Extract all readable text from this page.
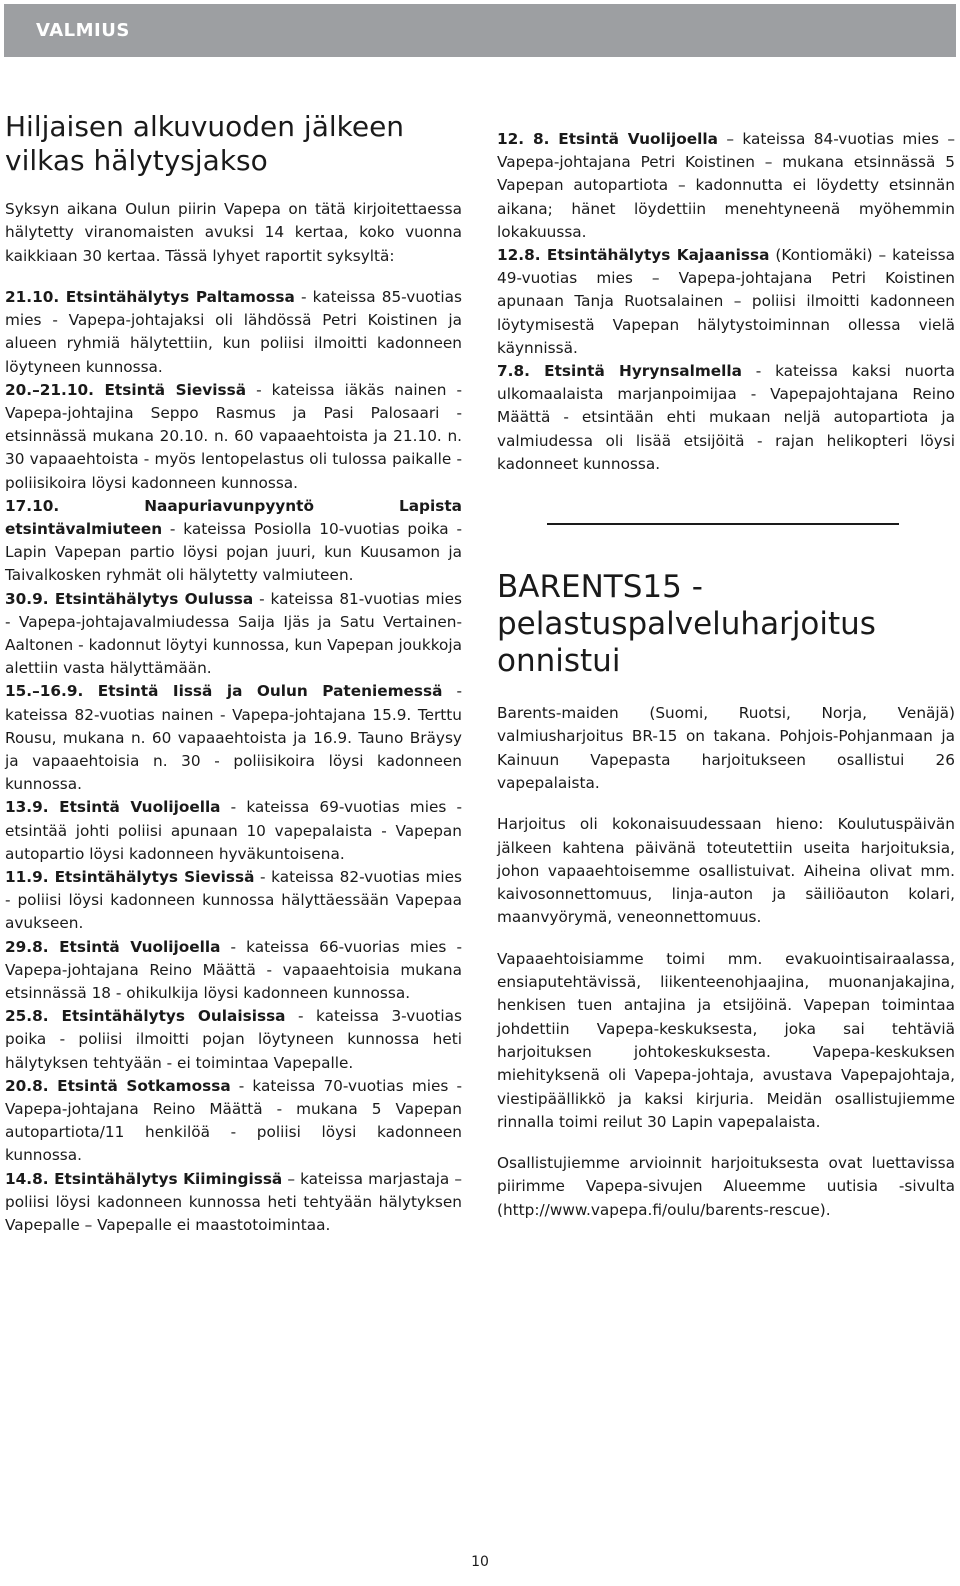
VALMIUS
Hiljaisen alkuvuoden jälkeen vilkas hälytysjakso

Syksyn aikana Oulun piirin Vapepa on tätä kirjoitettaessa hälytetty viranomaisten avuksi 14 kertaa, koko vuonna kaikkiaan 30 kertaa. Tässä lyhyet raportit syksyltä:

21.10. Etsintähälytys Paltamossa - kateissa 85-vuotias mies - Vapepa-johtajaksi oli lähdössä Petri Koistinen ja alueen ryhmiä hälytettiin, kun poliisi ilmoitti kadonneen löytyneen kunnossa.

20.–21.10. Etsintä Sievissä - kateissa iäkäs nainen - Vapepa-johtajina Seppo Rasmus ja Pasi Palosaari - etsinnässä mukana 20.10. n. 60 vapaaehtoista ja 21.10. n. 30 vapaaehtoista - myös lentopelastus oli tulossa paikalle - poliisikoira löysi kadonneen kunnossa.

17.10. Naapuriavunpyyntö Lapista etsintävalmiuteen - kateissa Posiolla 10-vuotias poika - Lapin Vapepan partio löysi pojan juuri, kun Kuusamon ja Taivalkosken ryhmät oli hälytetty valmiuteen.

30.9. Etsintähälytys Oulussa - kateissa 81-vuotias mies - Vapepa-johtajavalmiudessa Saija Ijäs ja Satu Vertainen-Aaltonen - kadonnut löytyi kunnossa, kun Vapepan joukkoja alettiin vasta hälyttämään.

15.–16.9. Etsintä Iissä ja Oulun Pateniemessä - kateissa 82-vuotias nainen - Vapepa-johtajana 15.9. Terttu Rousu, mukana n. 60 vapaaehtoista ja 16.9. Tauno Bräysy ja vapaaehtoisia n. 30 - poliisikoira löysi kadonneen kunnossa.

13.9. Etsintä Vuolijoella - kateissa 69-vuotias mies - etsintää johti poliisi apunaan 10 vapepalaista - Vapepan autopartio löysi kadonneen hyväkuntoisena.

11.9. Etsintähälytys Sievissä - kateissa 82-vuotias mies - poliisi löysi kadonneen kunnossa hälyttäessään Vapepaa avukseen.

29.8. Etsintä Vuolijoella - kateissa 66-vuorias mies - Vapepa-johtajana Reino Määttä - vapaaehtoisia mukana etsinnässä 18 - ohikulkija löysi kadonneen kunnossa.

25.8. Etsintähälytys Oulaisissa - kateissa 3-vuotias poika - poliisi ilmoitti pojan löytyneen kunnossa heti hälytyksen tehtyään - ei toimintaa Vapepalle.

20.8. Etsintä Sotkamossa - kateissa 70-vuotias mies - Vapepa-johtajana Reino Määttä - mukana 5 Vapepan autopartiota/11 henkilöä - poliisi löysi kadonneen kunnossa.

14.8. Etsintähälytys Kiimingissä – kateissa marjastaja – poliisi löysi kadonneen kunnossa heti tehtyään hälytyksen Vapepalle – Vapepalle ei maastotoimintaa.

12. 8. Etsintä Vuolijoella – kateissa 84-vuotias mies – Vapepa-johtajana Petri Koistinen – mukana etsinnässä 5 Vapepan autopartiota – kadonnutta ei löydetty etsinnän aikana; hänet löydettiin menehtyneenä myöhemmin lokakuussa.

12.8. Etsintähälytys Kajaanissa (Kontiomäki) – kateissa 49-vuotias mies – Vapepa-johtajana Petri Koistinen apunaan Tanja Ruotsalainen – poliisi ilmoitti kadonneen löytymisestä Vapepan hälytystoiminnan ollessa vielä käynnissä.

7.8. Etsintä Hyrynsalmella - kateissa kaksi nuorta ulkomaalaista marjanpoimijaa - Vapepajohtajana Reino Määttä - etsintään ehti mukaan neljä autopartiota ja valmiudessa oli lisää etsijöitä - rajan helikopteri löysi kadonneet kunnossa.

BARENTS15 -pelastuspalveluharjoitus onnistui

Barents-maiden (Suomi, Ruotsi, Norja, Venäjä) valmiusharjoitus BR-15 on takana. Pohjois-Pohjanmaan ja Kainuun Vapepasta harjoitukseen osallistui 26 vapepalaista.

Harjoitus oli kokonaisuudessaan hieno: Koulutuspäivän jälkeen kahtena päivänä toteutettiin useita harjoituksia, johon vapaaehtoisemme osallistuivat. Aiheina olivat mm. kaivosonnettomuus, linja-auton ja säiliöauton kolari, maanvyörymä, veneonnettomuus.

Vapaaehtoisiamme toimi mm. evakuointisairaalassa, ensiaputehtävissä, liikenteenohjaajina, muonanjakajina, henkisen tuen antajina ja etsijöinä. Vapepan toimintaa johdettiin Vapepa-keskuksesta, joka sai tehtäviä harjoituksen johtokeskuksesta. Vapepa-keskuksen miehityksenä oli Vapepa-johtaja, avustava Vapepajohtaja, viestipäällikkö ja kaksi kirjuria. Meidän osallistujiemme rinnalla toimi reilut 30 Lapin vapepalaista.

Osallistujiemme arvioinnit harjoituksesta ovat luettavissa piirimme Vapepa-sivujen Alueemme uutisia -sivulta (http://www.vapepa.fi/oulu/barents-rescue).

10
